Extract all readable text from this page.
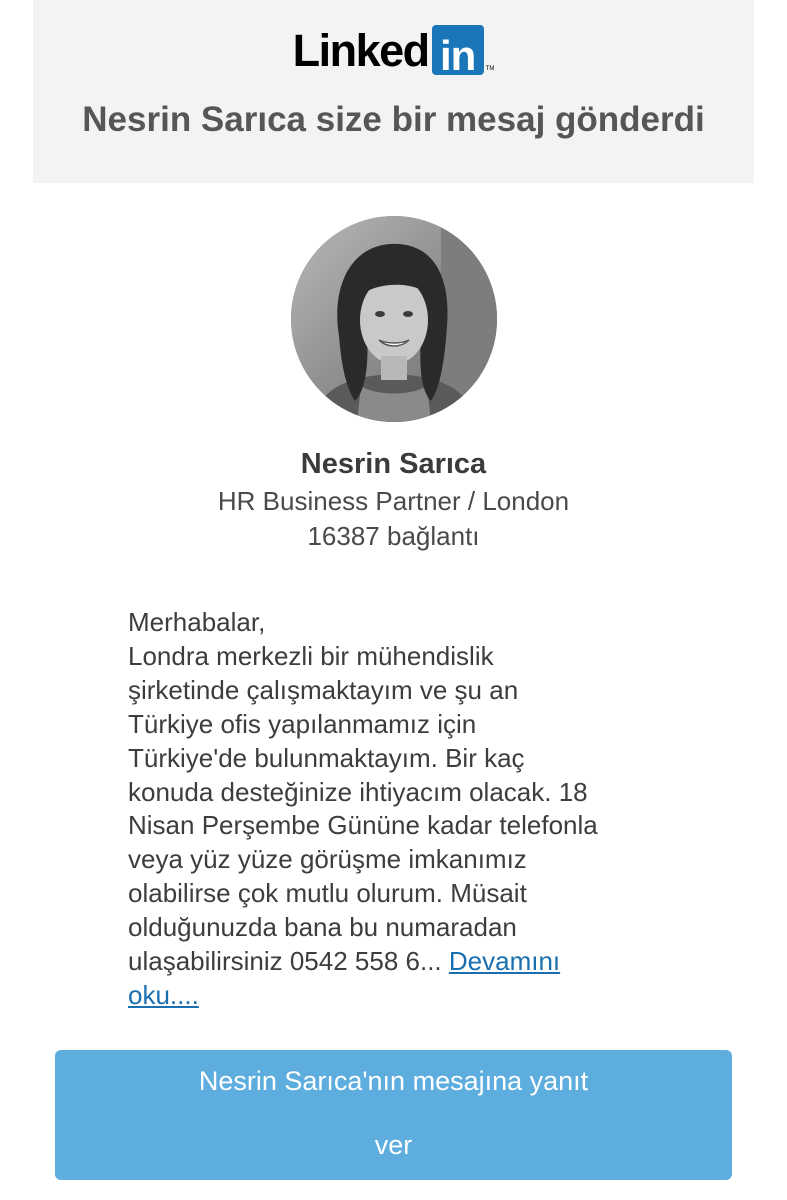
Linked in TM
Nesrin Sarıca size bir mesaj gönderdi
Nesrin Sarıca
HR Business Partner / London
16387 bağlantı
Merhabalar,
Londra merkezli bir mühendislik
şirketinde çalışmaktayım ve şu an
Türkiye ofis yapılanmamız için
Türkiye'de bulunmaktayım. Bir kaç
konuda desteğinize ihtiyacım olacak. 18
Nisan Perşembe Gününe kadar telefonla
veya yüz yüze görüşme imkanımız
olabilirse çok mutlu olurum. Müsait
olduğunuzda bana bu numaradan
ulaşabilirsiniz 0542 558 6... Devamını
oku....
Nesrin Sarıca'nın mesajına yanıt
ver
